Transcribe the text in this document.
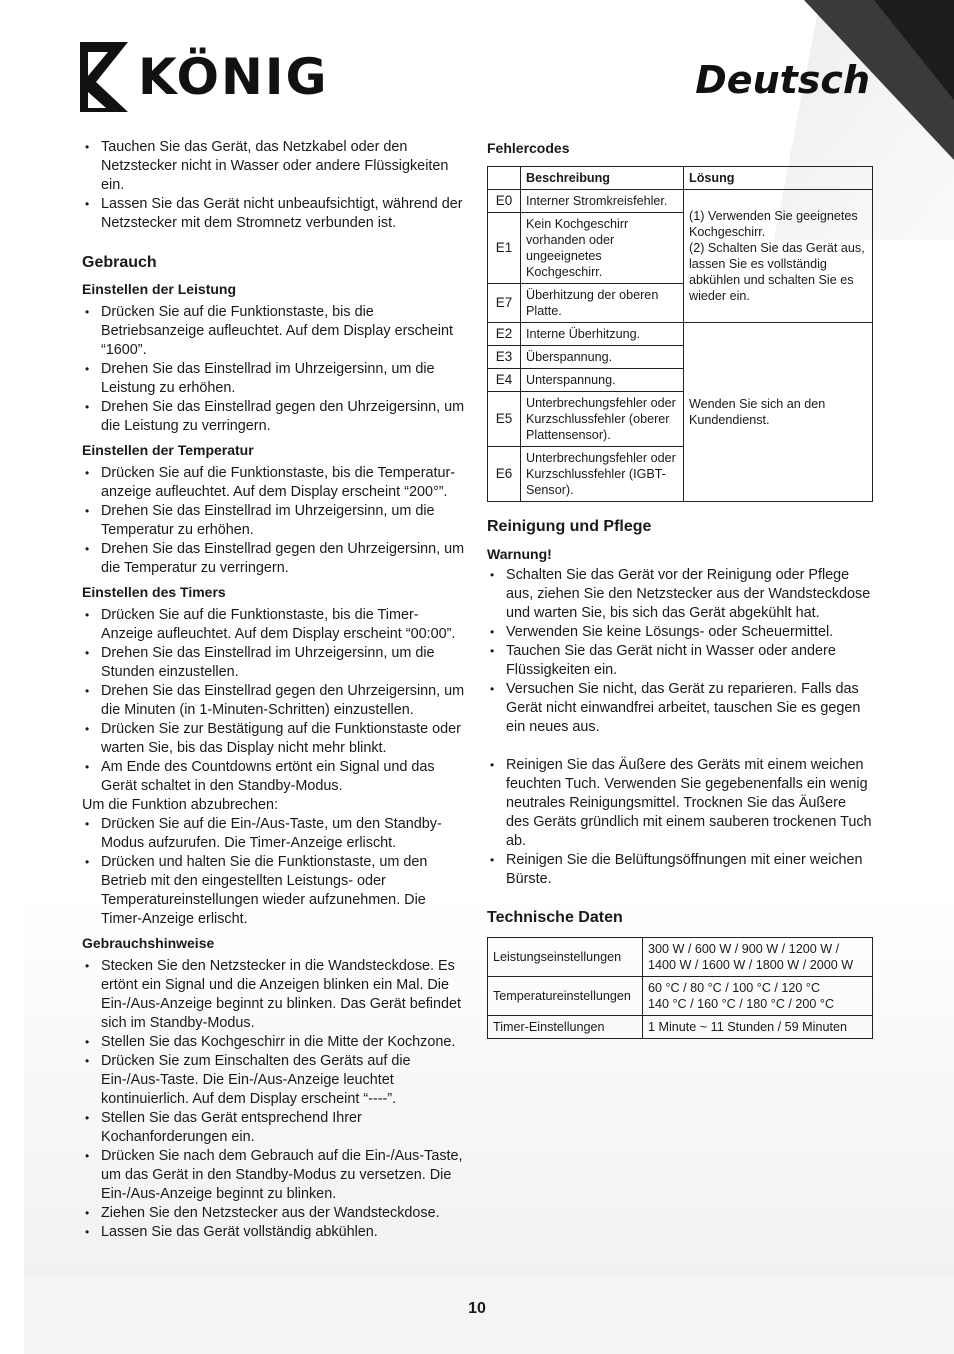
KÖNIG	Deutsch
• Tauchen Sie das Gerät, das Netzkabel oder den Netzstecker nicht in Wasser oder andere Flüssigkeiten ein.
• Lassen Sie das Gerät nicht unbeaufsichtigt, während der Netzstecker mit dem Stromnetz verbunden ist.
Gebrauch
Einstellen der Leistung
• Drücken Sie auf die Funktionstaste, bis die Betriebsanzeige aufleuchtet. Auf dem Display erscheint “1600”.
• Drehen Sie das Einstellrad im Uhrzeigersinn, um die Leistung zu erhöhen.
• Drehen Sie das Einstellrad gegen den Uhrzeigersinn, um die Leistung zu verringern.
Einstellen der Temperatur
• Drücken Sie auf die Funktionstaste, bis die Temperaturanzeige aufleuchtet. Auf dem Display erscheint “200°”.
• Drehen Sie das Einstellrad im Uhrzeigersinn, um die Temperatur zu erhöhen.
• Drehen Sie das Einstellrad gegen den Uhrzeigersinn, um die Temperatur zu verringern.
Einstellen des Timers
• Drücken Sie auf die Funktionstaste, bis die Timer-Anzeige aufleuchtet. Auf dem Display erscheint “00:00”.
• Drehen Sie das Einstellrad im Uhrzeigersinn, um die Stunden einzustellen.
• Drehen Sie das Einstellrad gegen den Uhrzeigersinn, um die Minuten (in 1-Minuten-Schritten) einzustellen.
• Drücken Sie zur Bestätigung auf die Funktionstaste oder warten Sie, bis das Display nicht mehr blinkt.
• Am Ende des Countdowns ertönt ein Signal und das Gerät schaltet in den Standby-Modus.

Um die Funktion abzubrechen:

• Drücken Sie auf die Ein-/Aus-Taste, um den Standby-Modus aufzurufen. Die Timer-Anzeige erlischt.
• Drücken und halten Sie die Funktionstaste, um den Betrieb mit den eingestellten Leistungs- oder Temperatureinstellungen wieder aufzunehmen. Die Timer-Anzeige erlischt.
Gebrauchshinweise
• Stecken Sie den Netzstecker in die Wandsteckdose. Es ertönt ein Signal und die Anzeigen blinken ein Mal. Die Ein-/Aus-Anzeige beginnt zu blinken. Das Gerät befindet sich im Standby-Modus.
• Stellen Sie das Kochgeschirr in die Mitte der Kochzone.
• Drücken Sie zum Einschalten des Geräts auf die Ein-/Aus-Taste. Die Ein-/Aus-Anzeige leuchtet kontinuierlich. Auf dem Display erscheint “----”.
• Stellen Sie das Gerät entsprechend Ihrer Kochanforderungen ein.
• Drücken Sie nach dem Gebrauch auf die Ein-/Aus-Taste, um das Gerät in den Standby-Modus zu versetzen. Die Ein-/Aus-Anzeige beginnt zu blinken.
• Ziehen Sie den Netzstecker aus der Wandsteckdose.
• Lassen Sie das Gerät vollständig abkühlen.
Fehlercodes
	Beschreibung	Lösung
E0	Interner Stromkreisfehler.	(1) Verwenden Sie geeignetes Kochgeschirr.
(2) Schalten Sie das Gerät aus, lassen Sie es vollständig abkühlen und schalten Sie es wieder ein.
E1	Kein Kochgeschirr vorhanden oder ungeeignetes Kochgeschirr.	
E7	Überhitzung der oberen Platte.	
E2	Interne Überhitzung.	Wenden Sie sich an den Kundendienst.
E3	Überspannung.	
E4	Unterspannung.	
E5	Unterbrechungsfehler oder Kurzschlussfehler (oberer Plattensensor).	
E6	Unterbrechungsfehler oder Kurzschlussfehler (IGBT-Sensor).	
Reinigung und Pflege
Warnung!
• Schalten Sie das Gerät vor der Reinigung oder Pflege aus, ziehen Sie den Netzstecker aus der Wandsteckdose und warten Sie, bis sich das Gerät abgekühlt hat.
• Verwenden Sie keine Lösungs- oder Scheuermittel.
• Tauchen Sie das Gerät nicht in Wasser oder andere Flüssigkeiten ein.
• Versuchen Sie nicht, das Gerät zu reparieren. Falls das Gerät nicht einwandfrei arbeitet, tauschen Sie es gegen ein neues aus.
• Reinigen Sie das Äußere des Geräts mit einem weichen feuchten Tuch. Verwenden Sie gegebenenfalls ein wenig neutrales Reinigungsmittel. Trocknen Sie das Äußere des Geräts gründlich mit einem sauberen trockenen Tuch ab.
• Reinigen Sie die Belüftungsöffnungen mit einer weichen Bürste.
Technische Daten
Leistungseinstellungen	300 W / 600 W / 900 W / 1200 W /
1400 W / 1600 W / 1800 W / 2000 W
Temperatureinstellungen	60 °C / 80 °C / 100 °C / 120 °C
140 °C / 160 °C / 180 °C / 200 °C
Timer-Einstellungen	1 Minute ~ 11 Stunden / 59 Minuten
10
